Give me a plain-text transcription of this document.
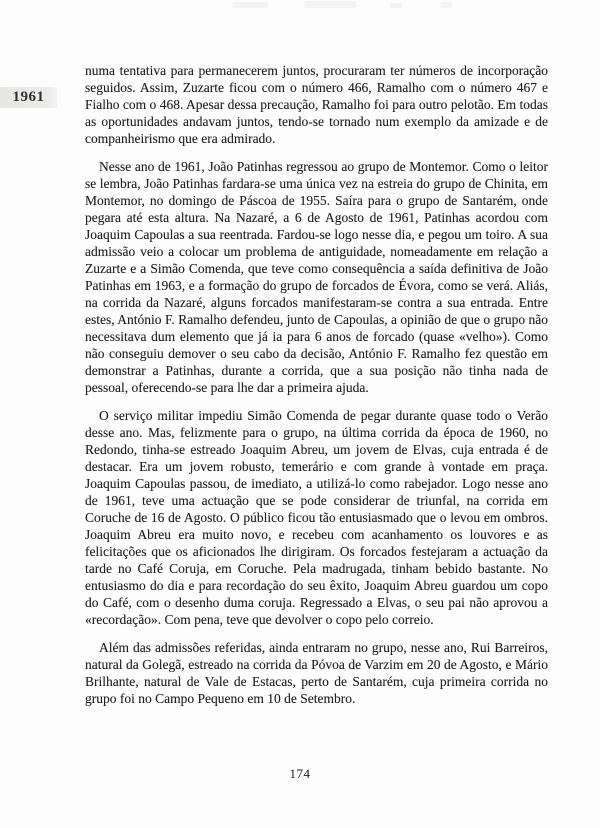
1961

numa tentativa para permanecerem juntos, procuraram ter números de incorporação seguidos. Assim, Zuzarte ficou com o número 466, Ramalho com o número 467 e Fialho com o 468. Apesar dessa precaução, Ramalho foi para outro pelotão. Em todas as oportunidades andavam juntos, tendo-se tornado num exemplo da amizade e de companheirismo que era admirado.

Nesse ano de 1961, João Patinhas regressou ao grupo de Montemor. Como o leitor se lembra, João Patinhas fardara-se uma única vez na estreia do grupo de Chinita, em Montemor, no domingo de Páscoa de 1955. Saíra para o grupo de Santarém, onde pegara até esta altura. Na Nazaré, a 6 de Agosto de 1961, Patinhas acordou com Joaquim Capoulas a sua reentrada. Fardou-se logo nesse dia, e pegou um toiro. A sua admissão veio a colocar um problema de antiguidade, nomeadamente em relação a Zuzarte e a Simão Comenda, que teve como consequência a saída definitiva de João Patinhas em 1963, e a formação do grupo de forcados de Évora, como se verá. Aliás, na corrida da Nazaré, alguns forcados manifestaram-se contra a sua entrada. Entre estes, António F. Ramalho defendeu, junto de Capoulas, a opinião de que o grupo não necessitava dum elemento que já ia para 6 anos de forcado (quase «velho»). Como não conseguiu demover o seu cabo da decisão, António F. Ramalho fez questão em demonstrar a Patinhas, durante a corrida, que a sua posição não tinha nada de pessoal, oferecendo-se para lhe dar a primeira ajuda.

O serviço militar impediu Simão Comenda de pegar durante quase todo o Verão desse ano. Mas, felizmente para o grupo, na última corrida da época de 1960, no Redondo, tinha-se estreado Joaquim Abreu, um jovem de Elvas, cuja entrada é de destacar. Era um jovem robusto, temerário e com grande à vontade em praça. Joaquim Capoulas passou, de imediato, a utilizá-lo como rabejador. Logo nesse ano de 1961, teve uma actuação que se pode considerar de triunfal, na corrida em Coruche de 16 de Agosto. O público ficou tão entusiasmado que o levou em ombros. Joaquim Abreu era muito novo, e recebeu com acanhamento os louvores e as felicitações que os aficionados lhe dirigiram. Os forcados festejaram a actuação da tarde no Café Coruja, em Coruche. Pela madrugada, tinham bebido bastante. No entusiasmo do dia e para recordação do seu êxito, Joaquim Abreu guardou um copo do Café, com o desenho duma coruja. Regressado a Elvas, o seu pai não aprovou a «recordação». Com pena, teve que devolver o copo pelo correio.

Além das admissões referidas, ainda entraram no grupo, nesse ano, Rui Barreiros, natural da Golegã, estreado na corrida da Póvoa de Varzim em 20 de Agosto, e Mário Brilhante, natural de Vale de Estacas, perto de Santarém, cuja primeira corrida no grupo foi no Campo Pequeno em 10 de Setembro.

174
